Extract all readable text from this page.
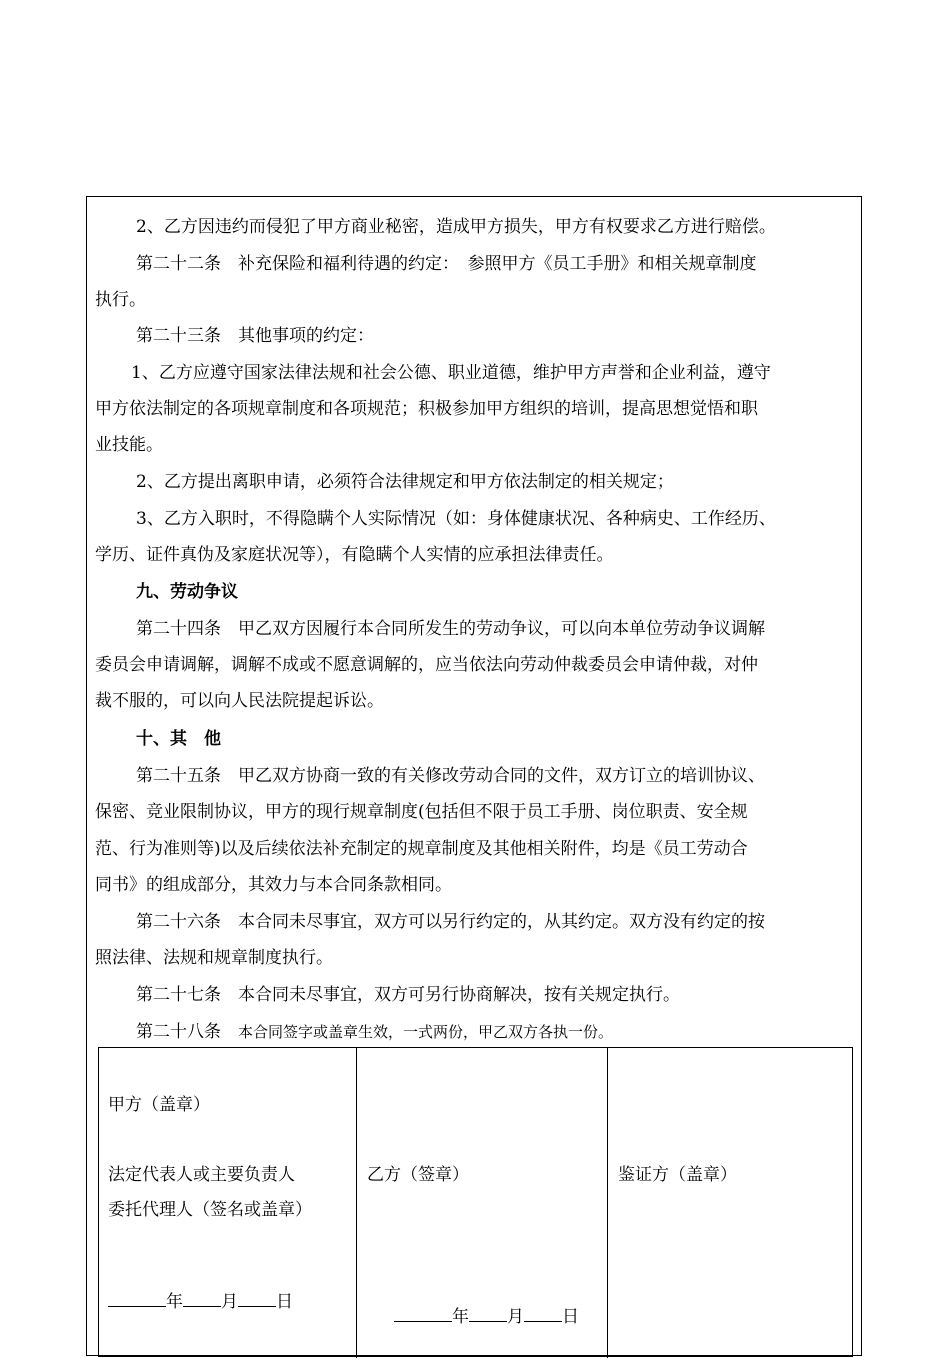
2、乙方因违约而侵犯了甲方商业秘密，造成甲方损失，甲方有权要求乙方进行赔偿。
第二十二条　补充保险和福利待遇的约定：　参照甲方《员工手册》和相关规章制度
执行。
第二十三条　其他事项的约定：
1、乙方应遵守国家法律法规和社会公德、职业道德，维护甲方声誉和企业利益，遵守
甲方依法制定的各项规章制度和各项规范；积极参加甲方组织的培训，提高思想觉悟和职
业技能。
2、乙方提出离职申请，必须符合法律规定和甲方依法制定的相关规定；
3、乙方入职时，不得隐瞒个人实际情况（如：身体健康状况、各种病史、工作经历、
学历、证件真伪及家庭状况等），有隐瞒个人实情的应承担法律责任。
九、劳动争议
第二十四条　甲乙双方因履行本合同所发生的劳动争议，可以向本单位劳动争议调解
委员会申请调解，调解不成或不愿意调解的，应当依法向劳动仲裁委员会申请仲裁，对仲
裁不服的，可以向人民法院提起诉讼。
十、其　他
第二十五条　甲乙双方协商一致的有关修改劳动合同的文件，双方订立的培训协议、
保密、竞业限制协议，甲方的现行规章制度(包括但不限于员工手册、岗位职责、安全规
范、行为准则等)以及后续依法补充制定的规章制度及其他相关附件，均是《员工劳动合
同书》的组成部分，其效力与本合同条款相同。
第二十六条　本合同未尽事宜，双方可以另行约定的，从其约定。双方没有约定的按
照法律、法规和规章制度执行。
第二十七条　本合同未尽事宜，双方可另行协商解决，按有关规定执行。
第二十八条　本合同签字或盖章生效，一式两份，甲乙双方各执一份。
甲方（盖章）
法定代表人或主要负责人
委托代理人（签名或盖章）
年 月 日
乙方（签章）
年 月 日
鉴证方（盖章）
